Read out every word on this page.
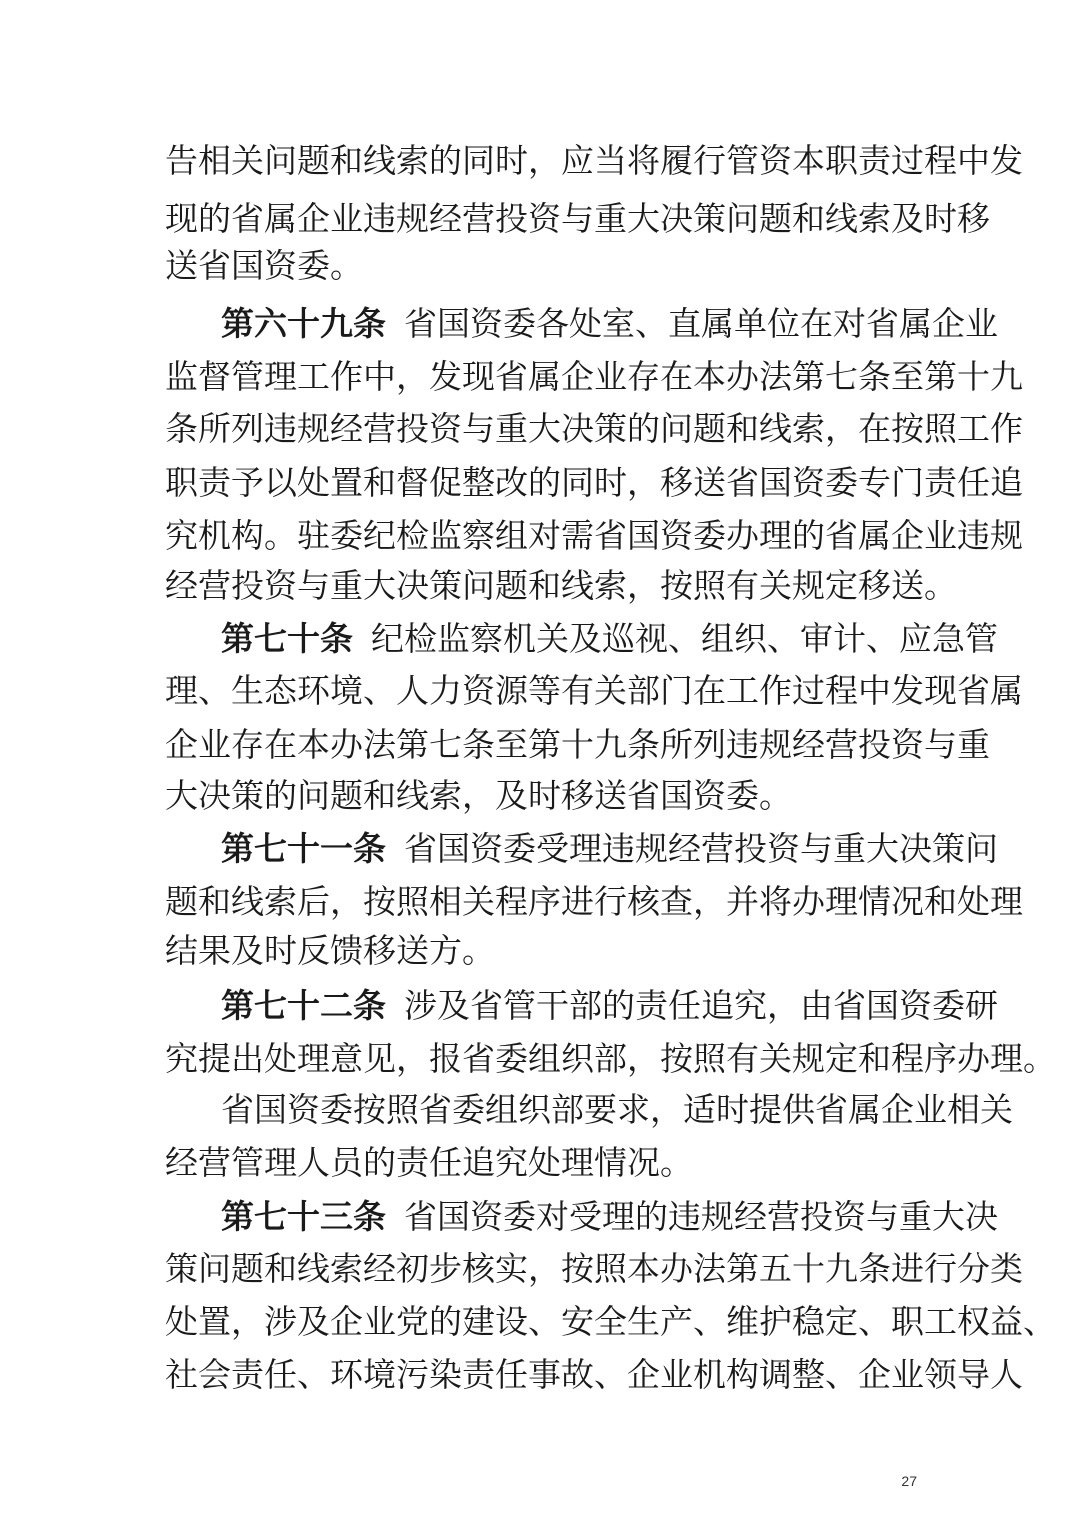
告相关问题和线索的同时，应当将履行管资本职责过程中发
现的省属企业违规经营投资与重大决策问题和线索及时移
送省国资委。
第六十九条 省国资委各处室、直属单位在对省属企业
监督管理工作中，发现省属企业存在本办法第七条至第十九
条所列违规经营投资与重大决策的问题和线索，在按照工作
职责予以处置和督促整改的同时，移送省国资委专门责任追
究机构。驻委纪检监察组对需省国资委办理的省属企业违规
经营投资与重大决策问题和线索，按照有关规定移送。
第七十条 纪检监察机关及巡视、组织、审计、应急管
理、生态环境、人力资源等有关部门在工作过程中发现省属
企业存在本办法第七条至第十九条所列违规经营投资与重
大决策的问题和线索，及时移送省国资委。
第七十一条 省国资委受理违规经营投资与重大决策问
题和线索后，按照相关程序进行核查，并将办理情况和处理
结果及时反馈移送方。
第七十二条 涉及省管干部的责任追究，由省国资委研
究提出处理意见，报省委组织部，按照有关规定和程序办理。
省国资委按照省委组织部要求，适时提供省属企业相关
经营管理人员的责任追究处理情况。
第七十三条 省国资委对受理的违规经营投资与重大决
策问题和线索经初步核实，按照本办法第五十九条进行分类
处置，涉及企业党的建设、安全生产、维护稳定、职工权益、
社会责任、环境污染责任事故、企业机构调整、企业领导人
27
